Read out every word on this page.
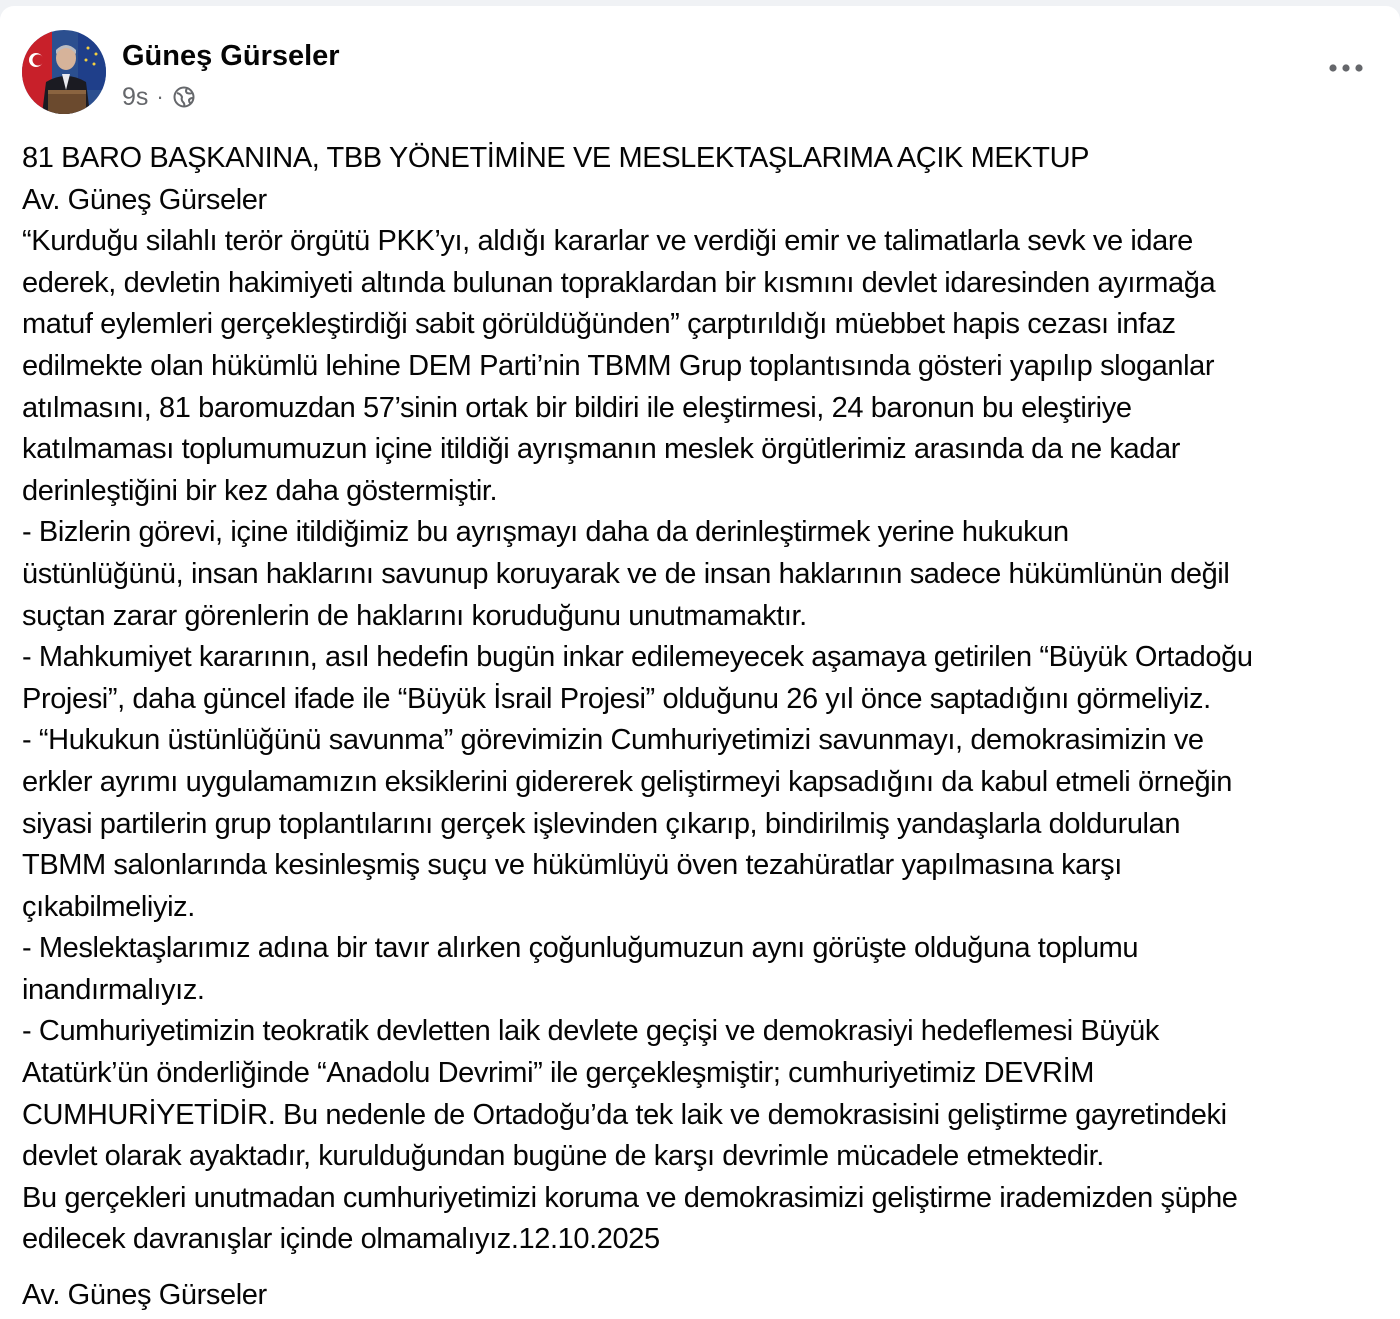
Güneş Gürseler
9s ·
81 BARO BAŞKANINA, TBB YÖNETİMİNE VE MESLEKTAŞLARIMA AÇIK MEKTUP
Av. Güneş Gürseler
“Kurduğu silahlı terör örgütü PKK’yı, aldığı kararlar ve verdiği emir ve talimatlarla sevk ve idare
ederek, devletin hakimiyeti altında bulunan topraklardan bir kısmını devlet idaresinden ayırmağa
matuf eylemleri gerçekleştirdiği sabit görüldüğünden” çarptırıldığı müebbet hapis cezası infaz
edilmekte olan hükümlü lehine DEM Parti’nin TBMM Grup toplantısında gösteri yapılıp sloganlar
atılmasını, 81 baromuzdan 57’sinin ortak bir bildiri ile eleştirmesi, 24 baronun bu eleştiriye
katılmaması toplumumuzun içine itildiği ayrışmanın meslek örgütlerimiz arasında da ne kadar
derinleştiğini bir kez daha göstermiştir.
- Bizlerin görevi, içine itildiğimiz bu ayrışmayı daha da derinleştirmek yerine hukukun
üstünlüğünü, insan haklarını savunup koruyarak ve de insan haklarının sadece hükümlünün değil
suçtan zarar görenlerin de haklarını koruduğunu unutmamaktır.
- Mahkumiyet kararının, asıl hedefin bugün inkar edilemeyecek aşamaya getirilen “Büyük Ortadoğu
Projesi”, daha güncel ifade ile “Büyük İsrail Projesi” olduğunu 26 yıl önce saptadığını görmeliyiz.
- “Hukukun üstünlüğünü savunma” görevimizin Cumhuriyetimizi savunmayı, demokrasimizin ve
erkler ayrımı uygulamamızın eksiklerini gidererek geliştirmeyi kapsadığını da kabul etmeli örneğin
siyasi partilerin grup toplantılarını gerçek işlevinden çıkarıp, bindirilmiş yandaşlarla doldurulan
TBMM salonlarında kesinleşmiş suçu ve hükümlüyü öven tezahüratlar yapılmasına karşı
çıkabilmeliyiz.
- Meslektaşlarımız adına bir tavır alırken çoğunluğumuzun aynı görüşte olduğuna toplumu
inandırmalıyız.
- Cumhuriyetimizin teokratik devletten laik devlete geçişi ve demokrasiyi hedeflemesi Büyük
Atatürk’ün önderliğinde “Anadolu Devrimi” ile gerçekleşmiştir; cumhuriyetimiz DEVRİM
CUMHURİYETİDİR. Bu nedenle de Ortadoğu’da tek laik ve demokrasisini geliştirme gayretindeki
devlet olarak ayaktadır, kurulduğundan bugüne de karşı devrimle mücadele etmektedir.
Bu gerçekleri unutmadan cumhuriyetimizi koruma ve demokrasimizi geliştirme irademizden şüphe
edilecek davranışlar içinde olmamalıyız.12.10.2025
Av. Güneş Gürseler
